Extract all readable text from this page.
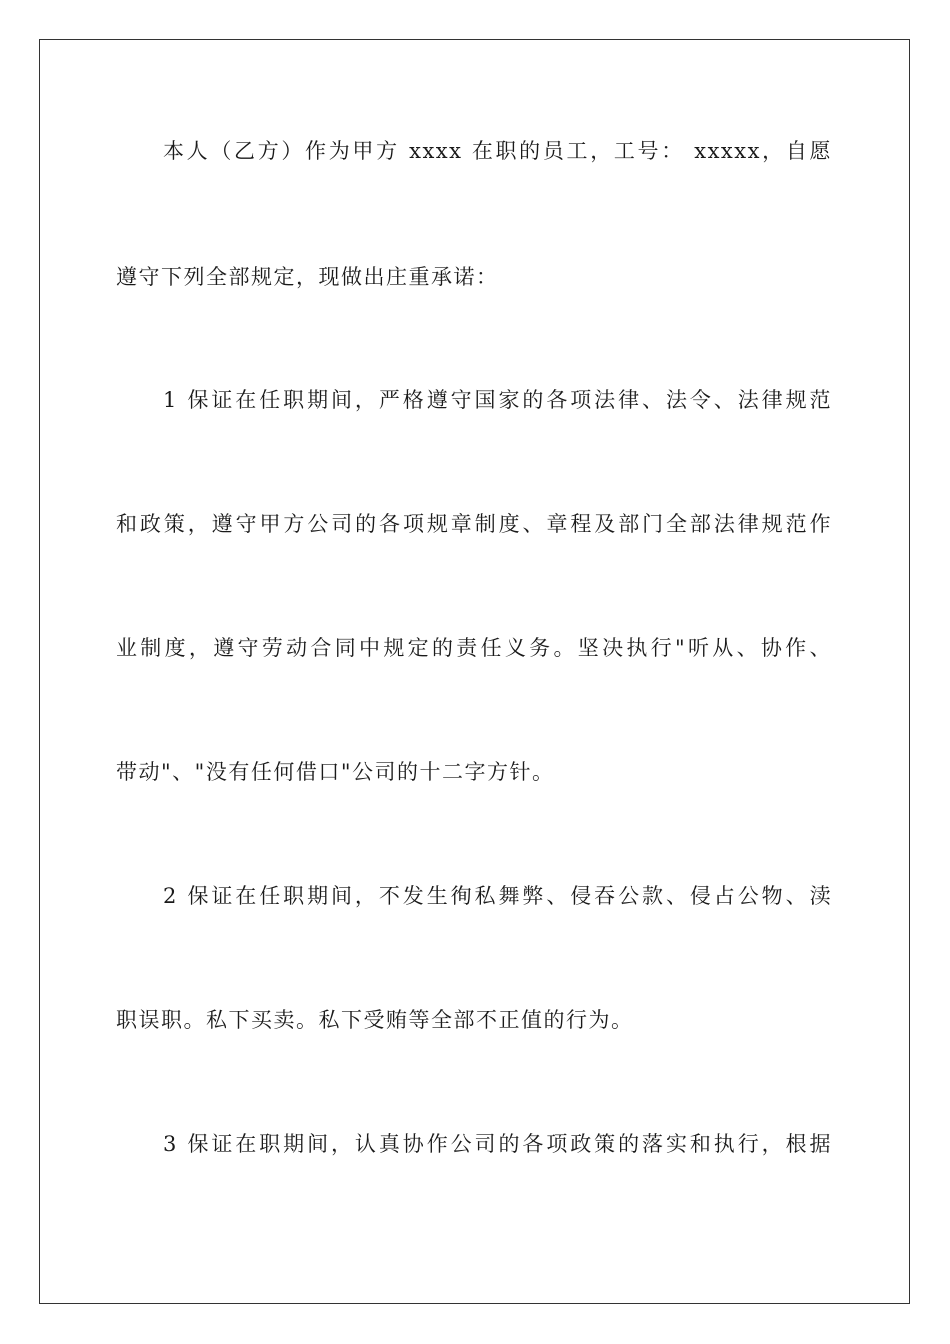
本人（乙方）作为甲方 xxxx 在职的员工，工号： xxxxx，自愿
遵守下列全部规定，现做出庄重承诺：
1 保证在任职期间，严格遵守国家的各项法律、法令、法律规范
和政策，遵守甲方公司的各项规章制度、章程及部门全部法律规范作
业制度，遵守劳动合同中规定的责任义务。坚决执行"听从、协作、
带动"、"没有任何借口"公司的十二字方针。
2 保证在任职期间，不发生徇私舞弊、侵吞公款、侵占公物、渎
职误职。私下买卖。私下受贿等全部不正值的行为。
3 保证在职期间，认真协作公司的各项政策的落实和执行，根据
